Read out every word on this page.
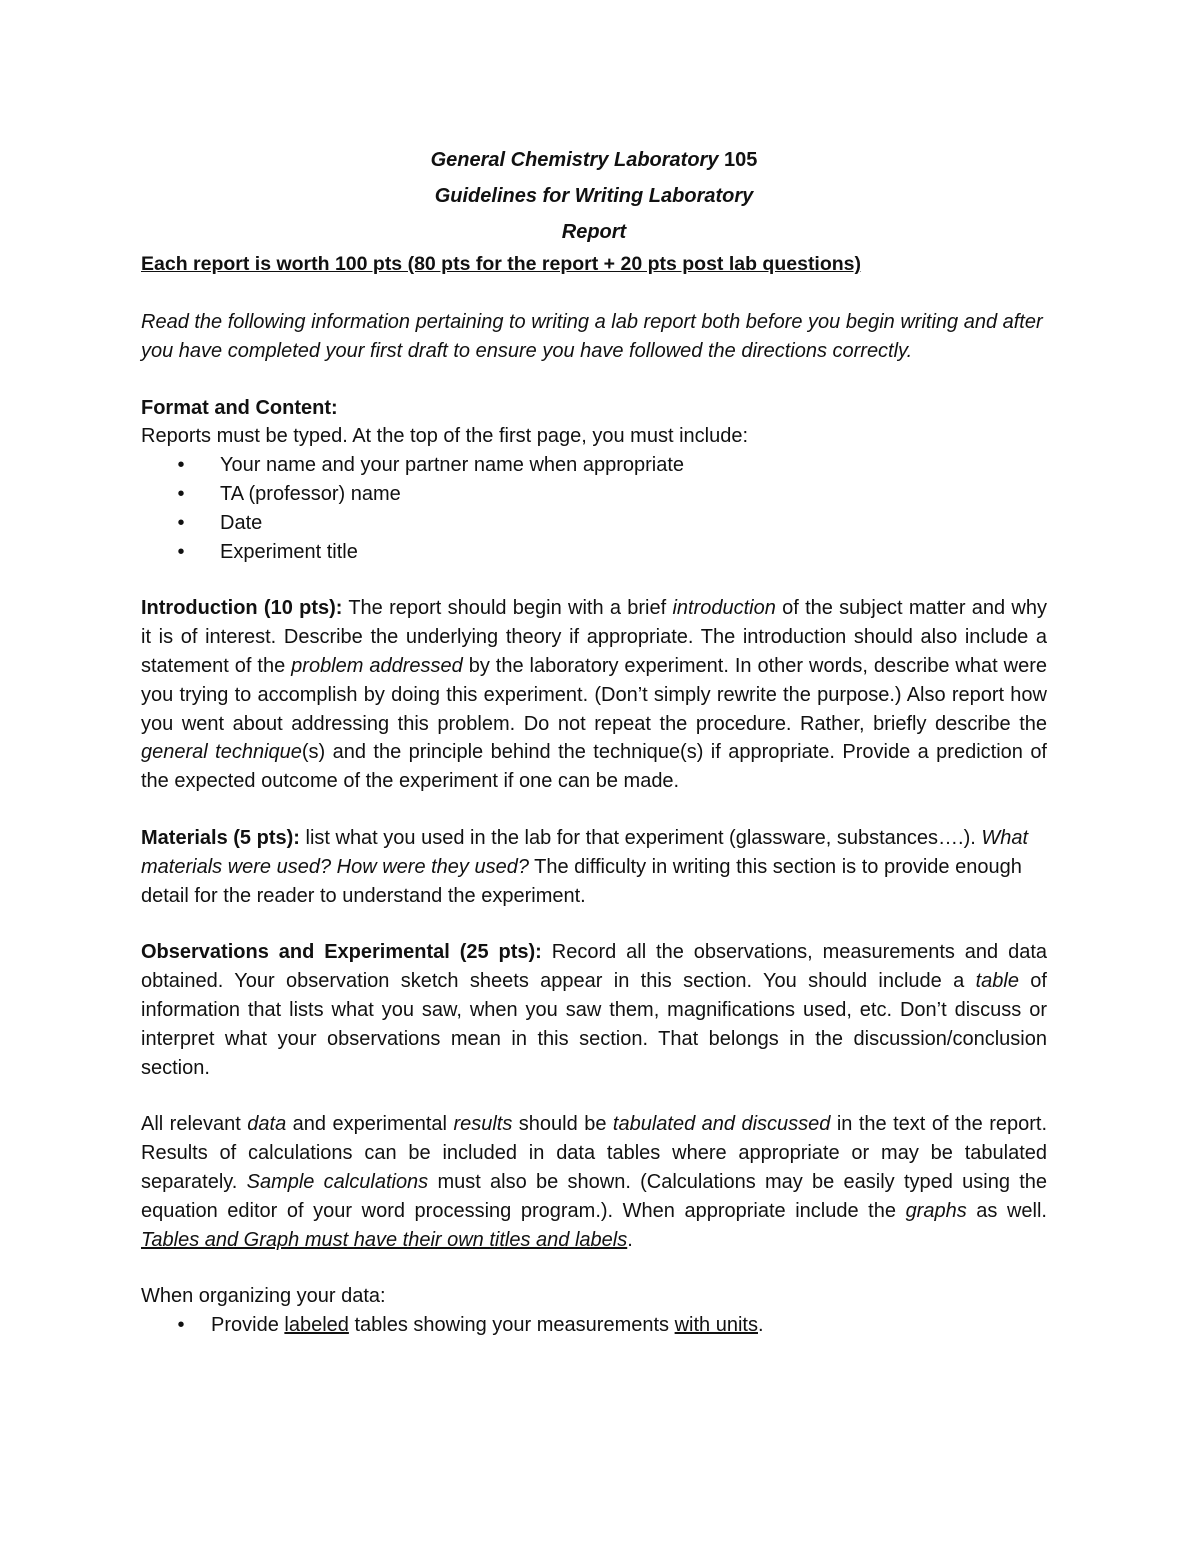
General Chemistry Laboratory 105
Guidelines for Writing Laboratory
Report
Each report is worth 100 pts (80 pts for the report + 20 pts post lab questions)

Read the following information pertaining to writing a lab report both before you begin writing and after you have completed your first draft to ensure you have followed the directions correctly.

Format and Content:

Reports must be typed. At the top of the first page, you must include:

• Your name and your partner name when appropriate
• TA (professor) name
• Date
• Experiment title

Introduction (10 pts): The report should begin with a brief introduction of the subject matter and why it is of interest. Describe the underlying theory if appropriate. The introduction should also include a statement of the problem addressed by the laboratory experiment. In other words, describe what were you trying to accomplish by doing this experiment. (Don’t simply rewrite the purpose.) Also report how you went about addressing this problem. Do not repeat the procedure. Rather, briefly describe the general technique(s) and the principle behind the technique(s) if appropriate. Provide a prediction of the expected outcome of the experiment if one can be made.

Materials (5 pts): list what you used in the lab for that experiment (glassware, substances….). What materials were used? How were they used? The difficulty in writing this section is to provide enough detail for the reader to understand the experiment.

Observations and Experimental (25 pts): Record all the observations, measurements and data obtained. Your observation sketch sheets appear in this section. You should include a table of information that lists what you saw, when you saw them, magnifications used, etc. Don’t discuss or interpret what your observations mean in this section. That belongs in the discussion/conclusion section.

All relevant data and experimental results should be tabulated and discussed in the text of the report. Results of calculations can be included in data tables where appropriate or may be tabulated separately. Sample calculations must also be shown. (Calculations may be easily typed using the equation editor of your word processing program.). When appropriate include the graphs as well. Tables and Graph must have their own titles and labels.

When organizing your data:

• Provide labeled tables showing your measurements with units.
